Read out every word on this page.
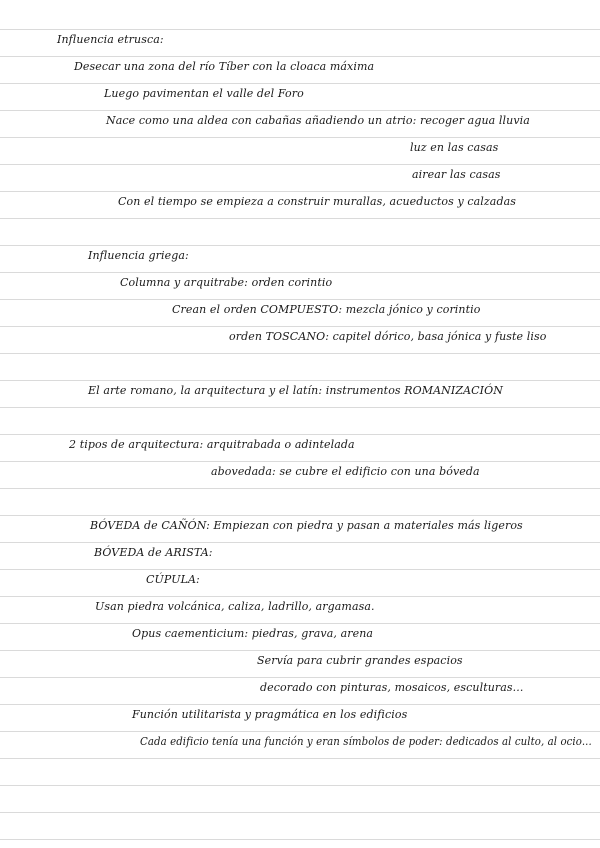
Influencia etrusca:
Desecar una zona del río Tíber con la cloaca máxima
Luego pavimentan el valle del Foro
Nace como una aldea con cabañas añadiendo un atrio: recoger agua lluvia
luz en las casas
airear las casas
Con el tiempo se empieza a construir murallas, acueductos y calzadas
Influencia griega:
Columna y arquitrabe: orden corintio
Crean el orden COMPUESTO: mezcla jónico y corintio
orden TOSCANO: capitel dórico, basa jónica y fuste liso
El arte romano, la arquitectura y el latín: instrumentos ROMANIZACIÓN
2 tipos de arquitectura: arquitrabada o adintelada
abovedada: se cubre el edificio con una bóveda
BÓVEDA de CAÑÓN: Empiezan con piedra y pasan a materiales más ligeros
BÓVEDA de ARISTA:
CÚPULA:
Usan piedra volcánica, caliza, ladrillo, argamasa.
Opus caementicium: piedras, grava, arena
Servía para cubrir grandes espacios
decorado con pinturas, mosaicos, esculturas...
Función utilitarista y pragmática en los edificios
Cada edificio tenía una función y eran símbolos de poder: dedicados al culto, al ocio...
